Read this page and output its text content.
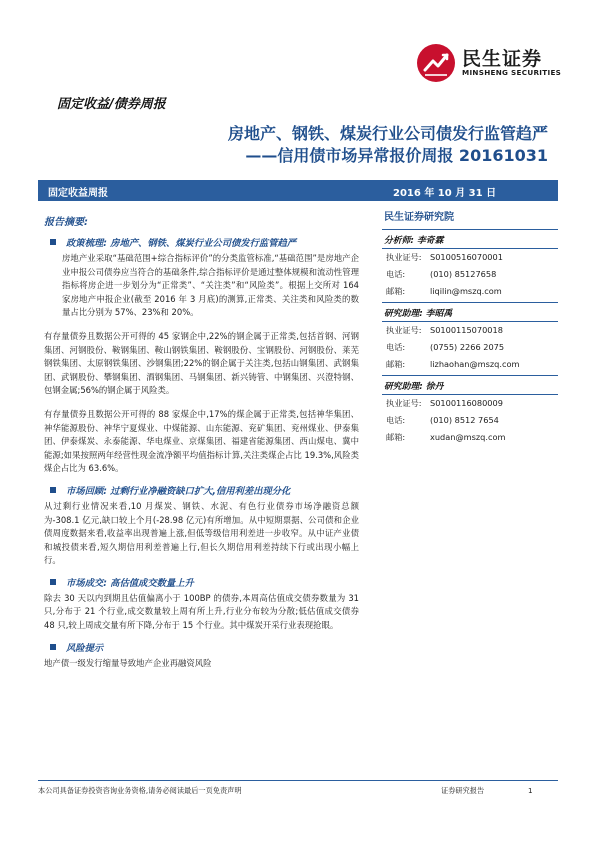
民生证券
MINSHENG SECURITIES
固定收益/债券周报
房地产、钢铁、煤炭行业公司债发行监管趋严
——信用债市场异常报价周报 20161031
固定收益周报	2016 年 10 月 31 日
报告摘要:
政策梳理: 房地产、钢铁、煤炭行业公司债发行监管趋严

房地产业采取“基础范围+综合指标评价”的分类监管标准,“基础范围”是房地产企业申报公司债券应当符合的基础条件,综合指标评价是通过整体规模和流动性管理指标将房企进一步划分为“正常类”、“关注类”和“风险类”。根据上交所对 164 家房地产申报企业(截至 2016 年 3 月底)的测算,正常类、关注类和风险类的数量占比分别为 57%、23%和 20%。

有存量债券且数据公开可得的 45 家钢企中,22%的钢企属于正常类,包括首钢、河钢集团、河钢股份、鞍钢集团、鞍山钢铁集团、鞍钢股份、宝钢股份、河钢股份、莱芜钢铁集团、太原钢铁集团、沙钢集团;22%的钢企属于关注类,包括山钢集团、武钢集团、武钢股份、攀钢集团、酒钢集团、马钢集团、新兴铸管、中钢集团、兴澄特钢、包钢金属;56%的钢企属于风险类。

有存量债券且数据公开可得的 88 家煤企中,17%的煤企属于正常类,包括神华集团、神华能源股份、神华宁夏煤业、中煤能源、山东能源、兖矿集团、兖州煤业、伊泰集团、伊泰煤炭、永泰能源、华电煤业、京煤集团、福建省能源集团、西山煤电、冀中能源;如果按照两年经营性现金流净额平均值指标计算,关注类煤企占比 19.3%,风险类煤企占比为 63.6%。

市场回顾: 过剩行业净融资缺口扩大,信用利差出现分化

从过剩行业情况来看,10 月煤炭、钢铁、水泥、有色行业债券市场净融资总额为-308.1 亿元,缺口较上个月(-28.98 亿元)有所增加。从中短期票据、公司债和企业债周度数据来看,收益率出现普遍上涨,但低等级信用利差进一步收窄。从中证产业债和城投债来看,短久期信用利差普遍上行,但长久期信用利差持续下行或出现小幅上行。

市场成交: 高估值成交数量上升

除去 30 天以内到期且估值偏离小于 100BP 的债券,本周高估值成交债券数量为 31 只,分布于 21 个行业,成交数量较上周有所上升,行业分布较为分散;低估值成交债券 48 只,较上周成交量有所下降,分布于 15 个行业。其中煤炭开采行业表现抢眼。

风险提示

地产债一级发行缩量导致地产企业再融资风险

民生证券研究院
分析师: 李奇霖
执业证号:	S0100516070001
电话:	(010) 85127658
邮箱:	liqilin@mszq.com
研究助理: 李昭禹
执业证号:	S0100115070018
电话:	(0755) 2266 2075
邮箱:	lizhaohan@mszq.com
研究助理: 徐丹
执业证号:	S0100116080009
电话:	(010) 8512 7654
邮箱:	xudan@mszq.com
本公司具备证券投资咨询业务资格,请务必阅读最后一页免责声明	证券研究报告	1
